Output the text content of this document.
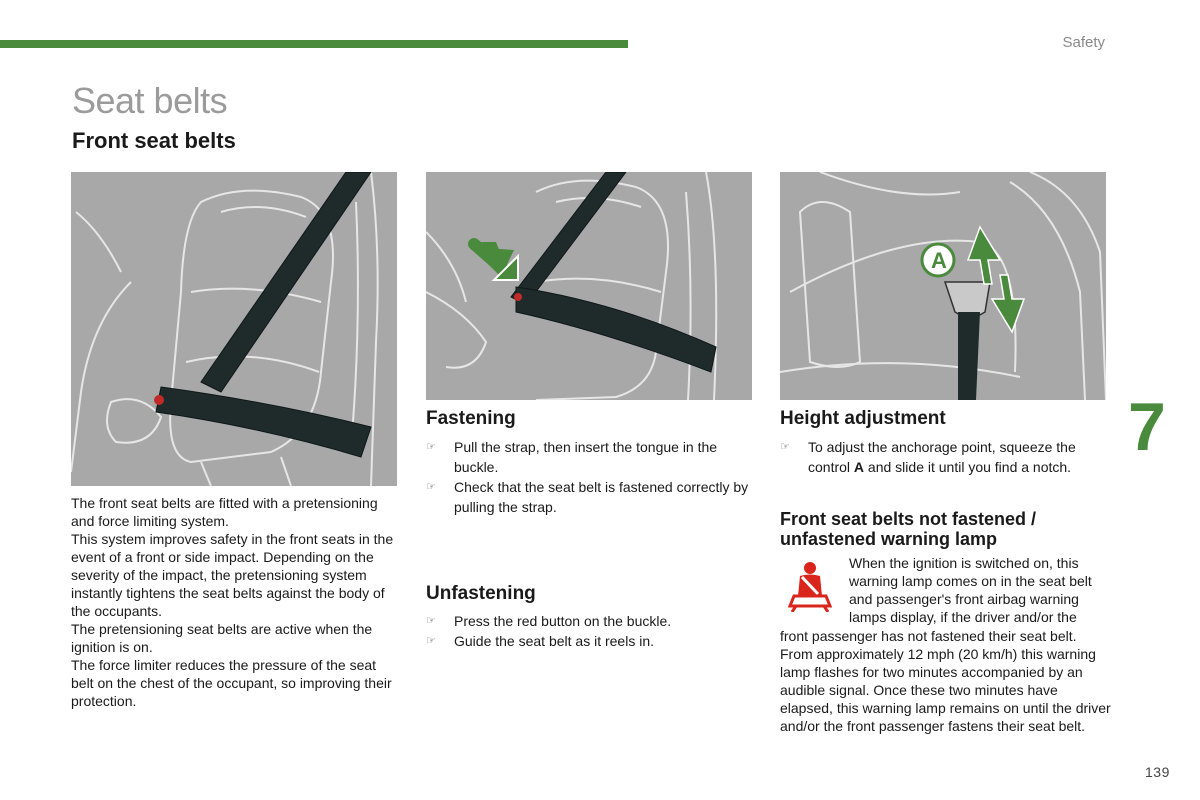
Safety
Seat belts
Front seat belts
A

The front seat belts are fitted with a pretensioning and force limiting system.

This system improves safety in the front seats in the event of a front or side impact. Depending on the severity of the impact, the pretensioning system instantly tightens the seat belts against the body of the occupants.

The pretensioning seat belts are active when the ignition is on.

The force limiter reduces the pressure of the seat belt on the chest of the occupant, so improving their protection.

Fastening
☞ Pull the strap, then insert the tongue in the buckle.
☞ Check that the seat belt is fastened correctly by pulling the strap.
Unfastening
☞ Press the red button on the buckle.
☞ Guide the seat belt as it reels in.
Height adjustment
☞ To adjust the anchorage point, squeeze the control A and slide it until you find a notch.
Front seat belts not fastened / unfastened warning lamp
When the ignition is switched on, this warning lamp comes on in the seat belt and passenger's front airbag warning lamps display, if the driver and/or the
front passenger has not fastened their seat belt. From approximately 12 mph (20 km/h) this warning lamp flashes for two minutes accompanied by an audible signal. Once these two minutes have elapsed, this warning lamp remains on until the driver and/or the front passenger fastens their seat belt.
7
139
